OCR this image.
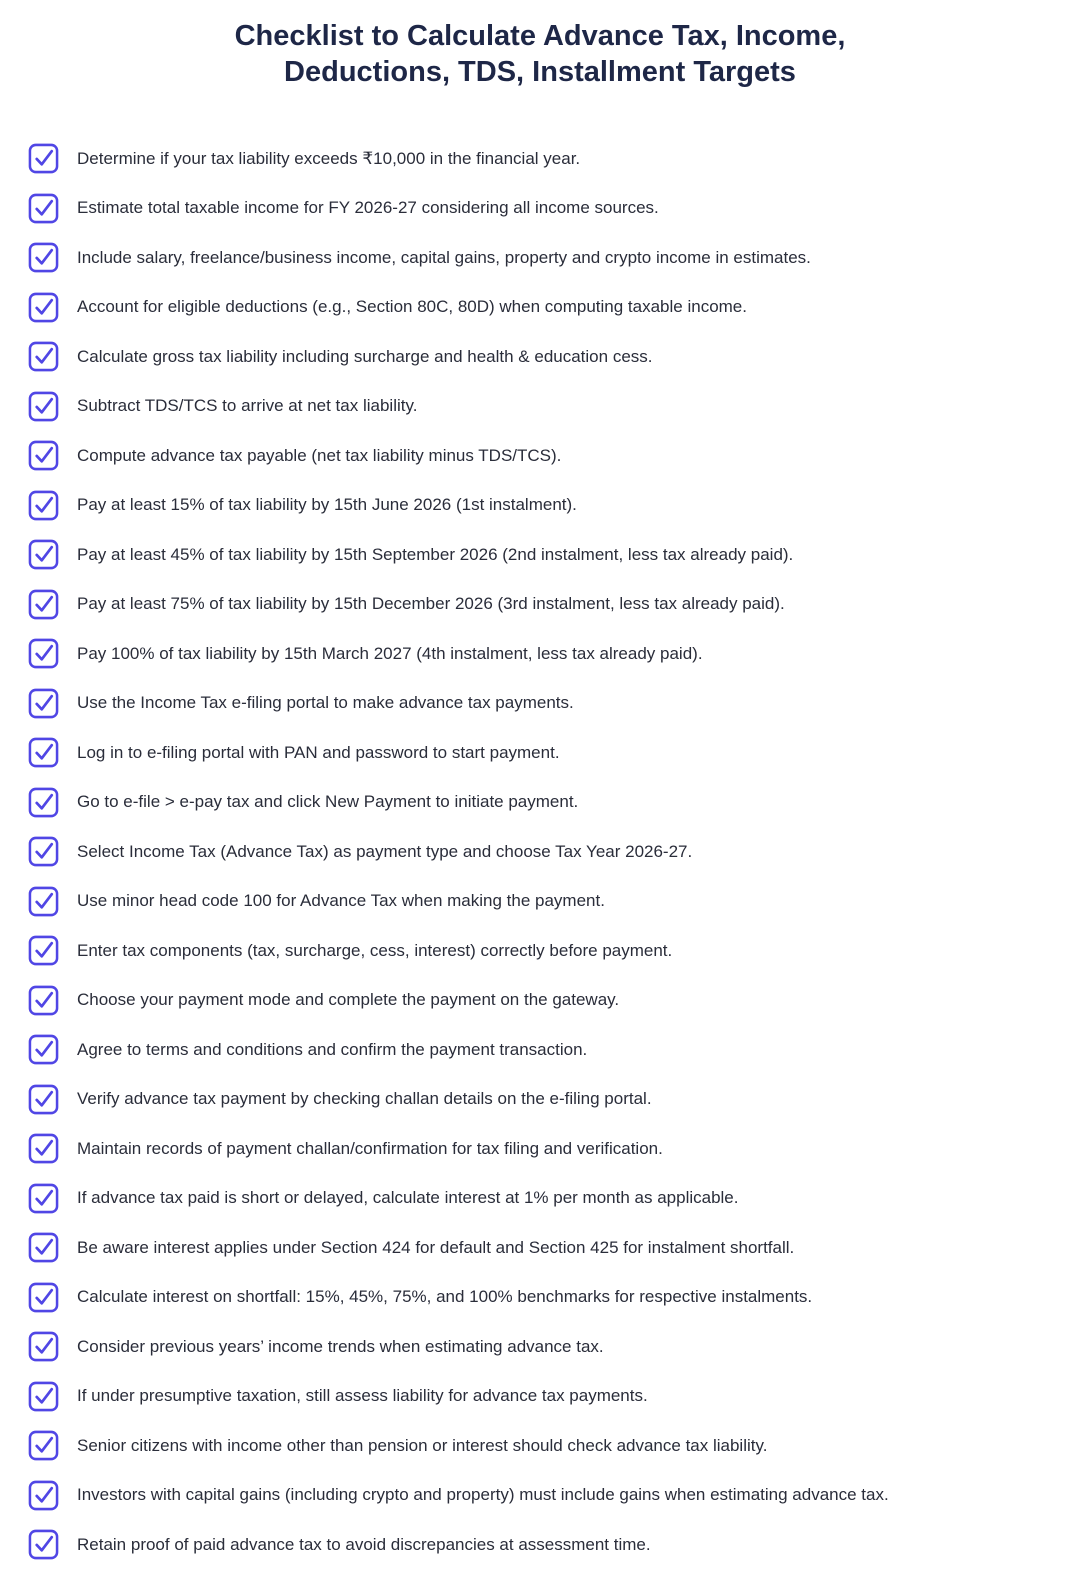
Checklist to Calculate Advance Tax, Income,
Deductions, TDS, Installment Targets
Determine if your tax liability exceeds ₹10,000 in the financial year.
Estimate total taxable income for FY 2026-27 considering all income sources.
Include salary, freelance/business income, capital gains, property and crypto income in estimates.
Account for eligible deductions (e.g., Section 80C, 80D) when computing taxable income.
Calculate gross tax liability including surcharge and health & education cess.
Subtract TDS/TCS to arrive at net tax liability.
Compute advance tax payable (net tax liability minus TDS/TCS).
Pay at least 15% of tax liability by 15th June 2026 (1st instalment).
Pay at least 45% of tax liability by 15th September 2026 (2nd instalment, less tax already paid).
Pay at least 75% of tax liability by 15th December 2026 (3rd instalment, less tax already paid).
Pay 100% of tax liability by 15th March 2027 (4th instalment, less tax already paid).
Use the Income Tax e-filing portal to make advance tax payments.
Log in to e-filing portal with PAN and password to start payment.
Go to e-file > e-pay tax and click New Payment to initiate payment.
Select Income Tax (Advance Tax) as payment type and choose Tax Year 2026-27.
Use minor head code 100 for Advance Tax when making the payment.
Enter tax components (tax, surcharge, cess, interest) correctly before payment.
Choose your payment mode and complete the payment on the gateway.
Agree to terms and conditions and confirm the payment transaction.
Verify advance tax payment by checking challan details on the e-filing portal.
Maintain records of payment challan/confirmation for tax filing and verification.
If advance tax paid is short or delayed, calculate interest at 1% per month as applicable.
Be aware interest applies under Section 424 for default and Section 425 for instalment shortfall.
Calculate interest on shortfall: 15%, 45%, 75%, and 100% benchmarks for respective instalments.
Consider previous years’ income trends when estimating advance tax.
If under presumptive taxation, still assess liability for advance tax payments.
Senior citizens with income other than pension or interest should check advance tax liability.
Investors with capital gains (including crypto and property) must include gains when estimating advance tax.
Retain proof of paid advance tax to avoid discrepancies at assessment time.
